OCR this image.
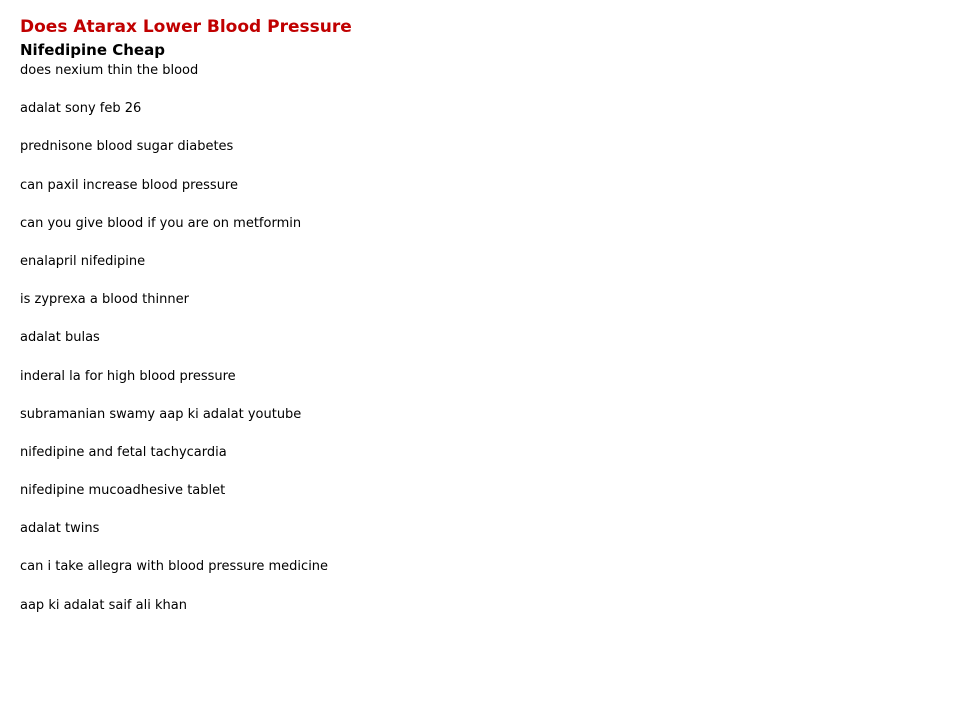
Does Atarax Lower Blood Pressure
Nifedipine Cheap
does nexium thin the blood
adalat sony feb 26
prednisone blood sugar diabetes
can paxil increase blood pressure
can you give blood if you are on metformin
enalapril nifedipine
is zyprexa a blood thinner
adalat bulas
inderal la for high blood pressure
subramanian swamy aap ki adalat youtube
nifedipine and fetal tachycardia
nifedipine mucoadhesive tablet
adalat twins
can i take allegra with blood pressure medicine
aap ki adalat saif ali khan
